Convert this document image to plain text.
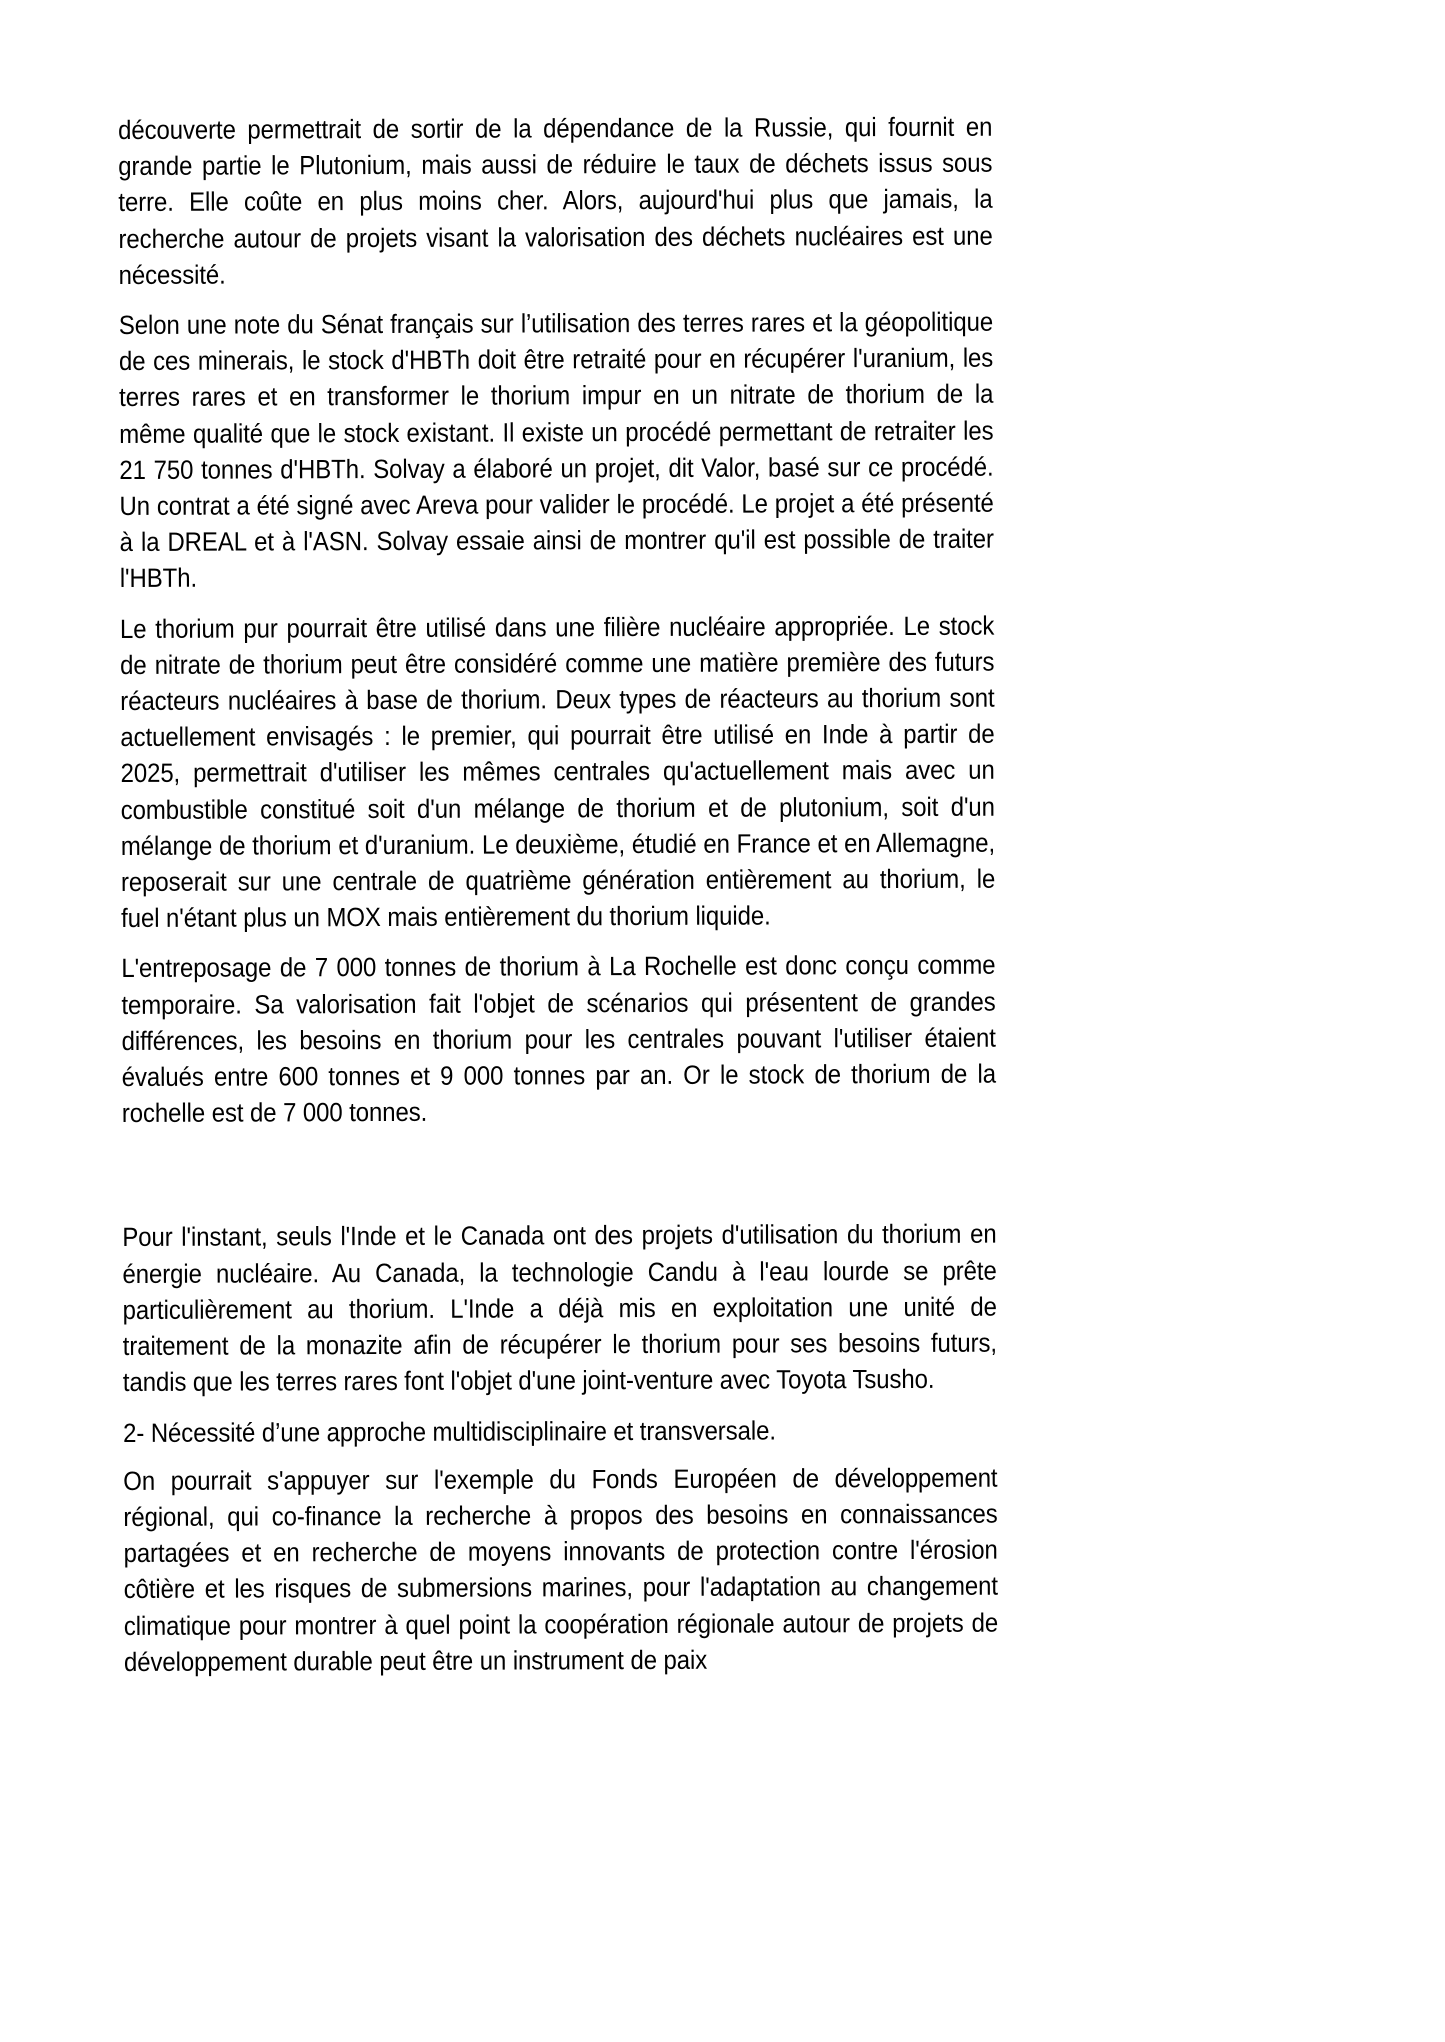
découverte permettrait de sortir de la dépendance de la Russie, qui fournit en grande partie le Plutonium, mais aussi de réduire le taux de déchets issus sous terre. Elle coûte en plus moins cher. Alors, aujourd'hui plus que jamais, la recherche autour de projets visant la valorisation des déchets nucléaires est une nécessité.

Selon une note du Sénat français sur l’utilisation des terres rares et la géopolitique de ces minerais, le stock d'HBTh doit être retraité pour en récupérer l'uranium, les terres rares et en transformer le thorium impur en un nitrate de thorium de la même qualité que le stock existant. Il existe un procédé permettant de retraiter les 21 750 tonnes d'HBTh. Solvay a élaboré un projet, dit Valor, basé sur ce procédé. Un contrat a été signé avec Areva pour valider le procédé. Le projet a été présenté à la DREAL et à l'ASN. Solvay essaie ainsi de montrer qu'il est possible de traiter l'HBTh.

Le thorium pur pourrait être utilisé dans une filière nucléaire appropriée. Le stock de nitrate de thorium peut être considéré comme une matière première des futurs réacteurs nucléaires à base de thorium. Deux types de réacteurs au thorium sont actuellement envisagés : le premier, qui pourrait être utilisé en Inde à partir de 2025, permettrait d'utiliser les mêmes centrales qu'actuellement mais avec un combustible constitué soit d'un mélange de thorium et de plutonium, soit d'un mélange de thorium et d'uranium. Le deuxième, étudié en France et en Allemagne, reposerait sur une centrale de quatrième génération entièrement au thorium, le fuel n'étant plus un MOX mais entièrement du thorium liquide.

L'entreposage de 7 000 tonnes de thorium à La Rochelle est donc conçu comme temporaire. Sa valorisation fait l'objet de scénarios qui présentent de grandes différences, les besoins en thorium pour les centrales pouvant l'utiliser étaient évalués entre 600 tonnes et 9 000 tonnes par an. Or le stock de thorium de la rochelle est de 7 000 tonnes.

Pour l'instant, seuls l'Inde et le Canada ont des projets d'utilisation du thorium en énergie nucléaire. Au Canada, la technologie Candu à l'eau lourde se prête particulièrement au thorium. L'Inde a déjà mis en exploitation une unité de traitement de la monazite afin de récupérer le thorium pour ses besoins futurs, tandis que les terres rares font l'objet d'une joint-venture avec Toyota Tsusho.

2- Nécessité d’une approche multidisciplinaire et transversale.

On pourrait s'appuyer sur l'exemple du Fonds Européen de développement régional, qui co-finance la recherche à propos des besoins en connaissances partagées et en recherche de moyens innovants de protection contre l'érosion côtière et les risques de submersions marines, pour l'adaptation au changement climatique pour montrer à quel point la coopération régionale autour de projets de développement durable peut être un instrument de paix
